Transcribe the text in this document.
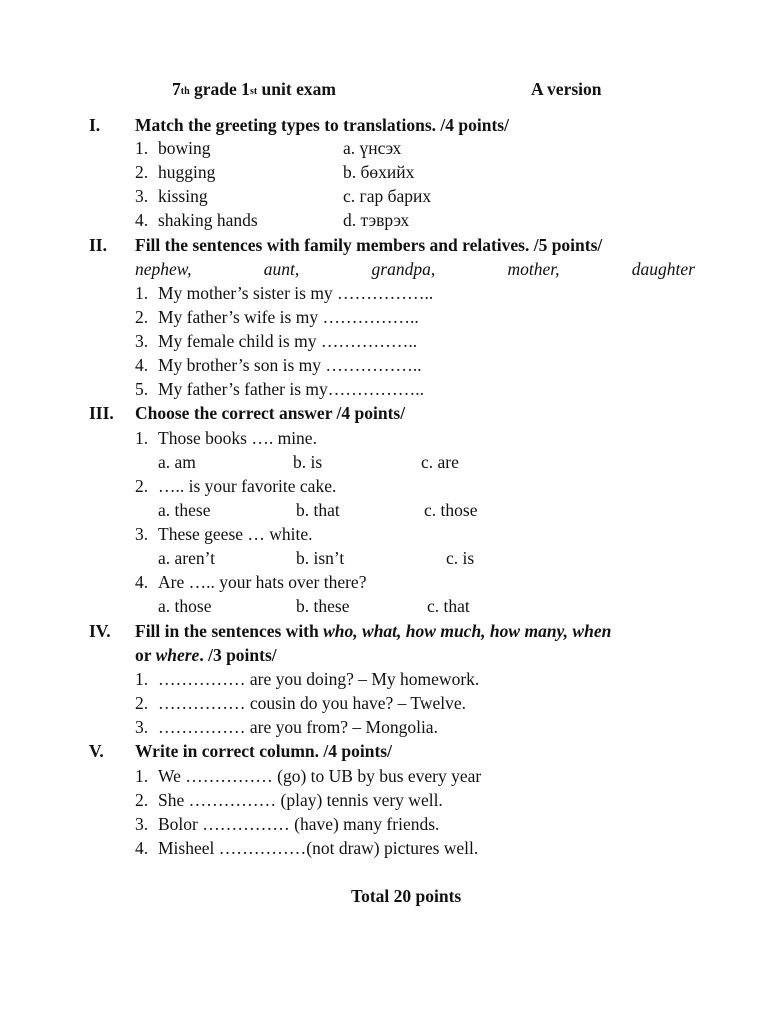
7th grade 1st unit exam	A version
I. Match the greeting types to translations. /4 points/
1. bowing	a. үнсэх
2. hugging	b. бөхийх
3. kissing	c. гар барих
4. shaking hands	d. тэврэх
II. Fill the sentences with family members and relatives. /5 points/
nephew,	aunt,	grandpa,	mother,	daughter
1. My mother’s sister is my ……………..
2. My father’s wife is my ……………..
3. My female child is my ……………..
4. My brother’s son is my ……………..
5. My father’s father is my……………..
III. Choose the correct answer /4 points/
1. Those books …. mine.
a. am	b. is	c. are
2. ….. is your favorite cake.
a. these	b. that	c. those
3. These geese … white.
a. aren’t	b. isn’t	c. is
4. Are ….. your hats over there?
a. those	b. these	c. that
IV. Fill in the sentences with who, what, how much, how many, when
or where . /3 points/
1. …………… are you doing? – My homework.
2. …………… cousin do you have? – Twelve.
3. …………… are you from? – Mongolia.
V. Write in correct column. /4 points/
1. We …………… (go) to UB by bus every year
2. She …………… (play) tennis very well.
3. Bolor …………… (have) many friends.
4. Misheel ……………(not draw) pictures well.
Total 20 points
